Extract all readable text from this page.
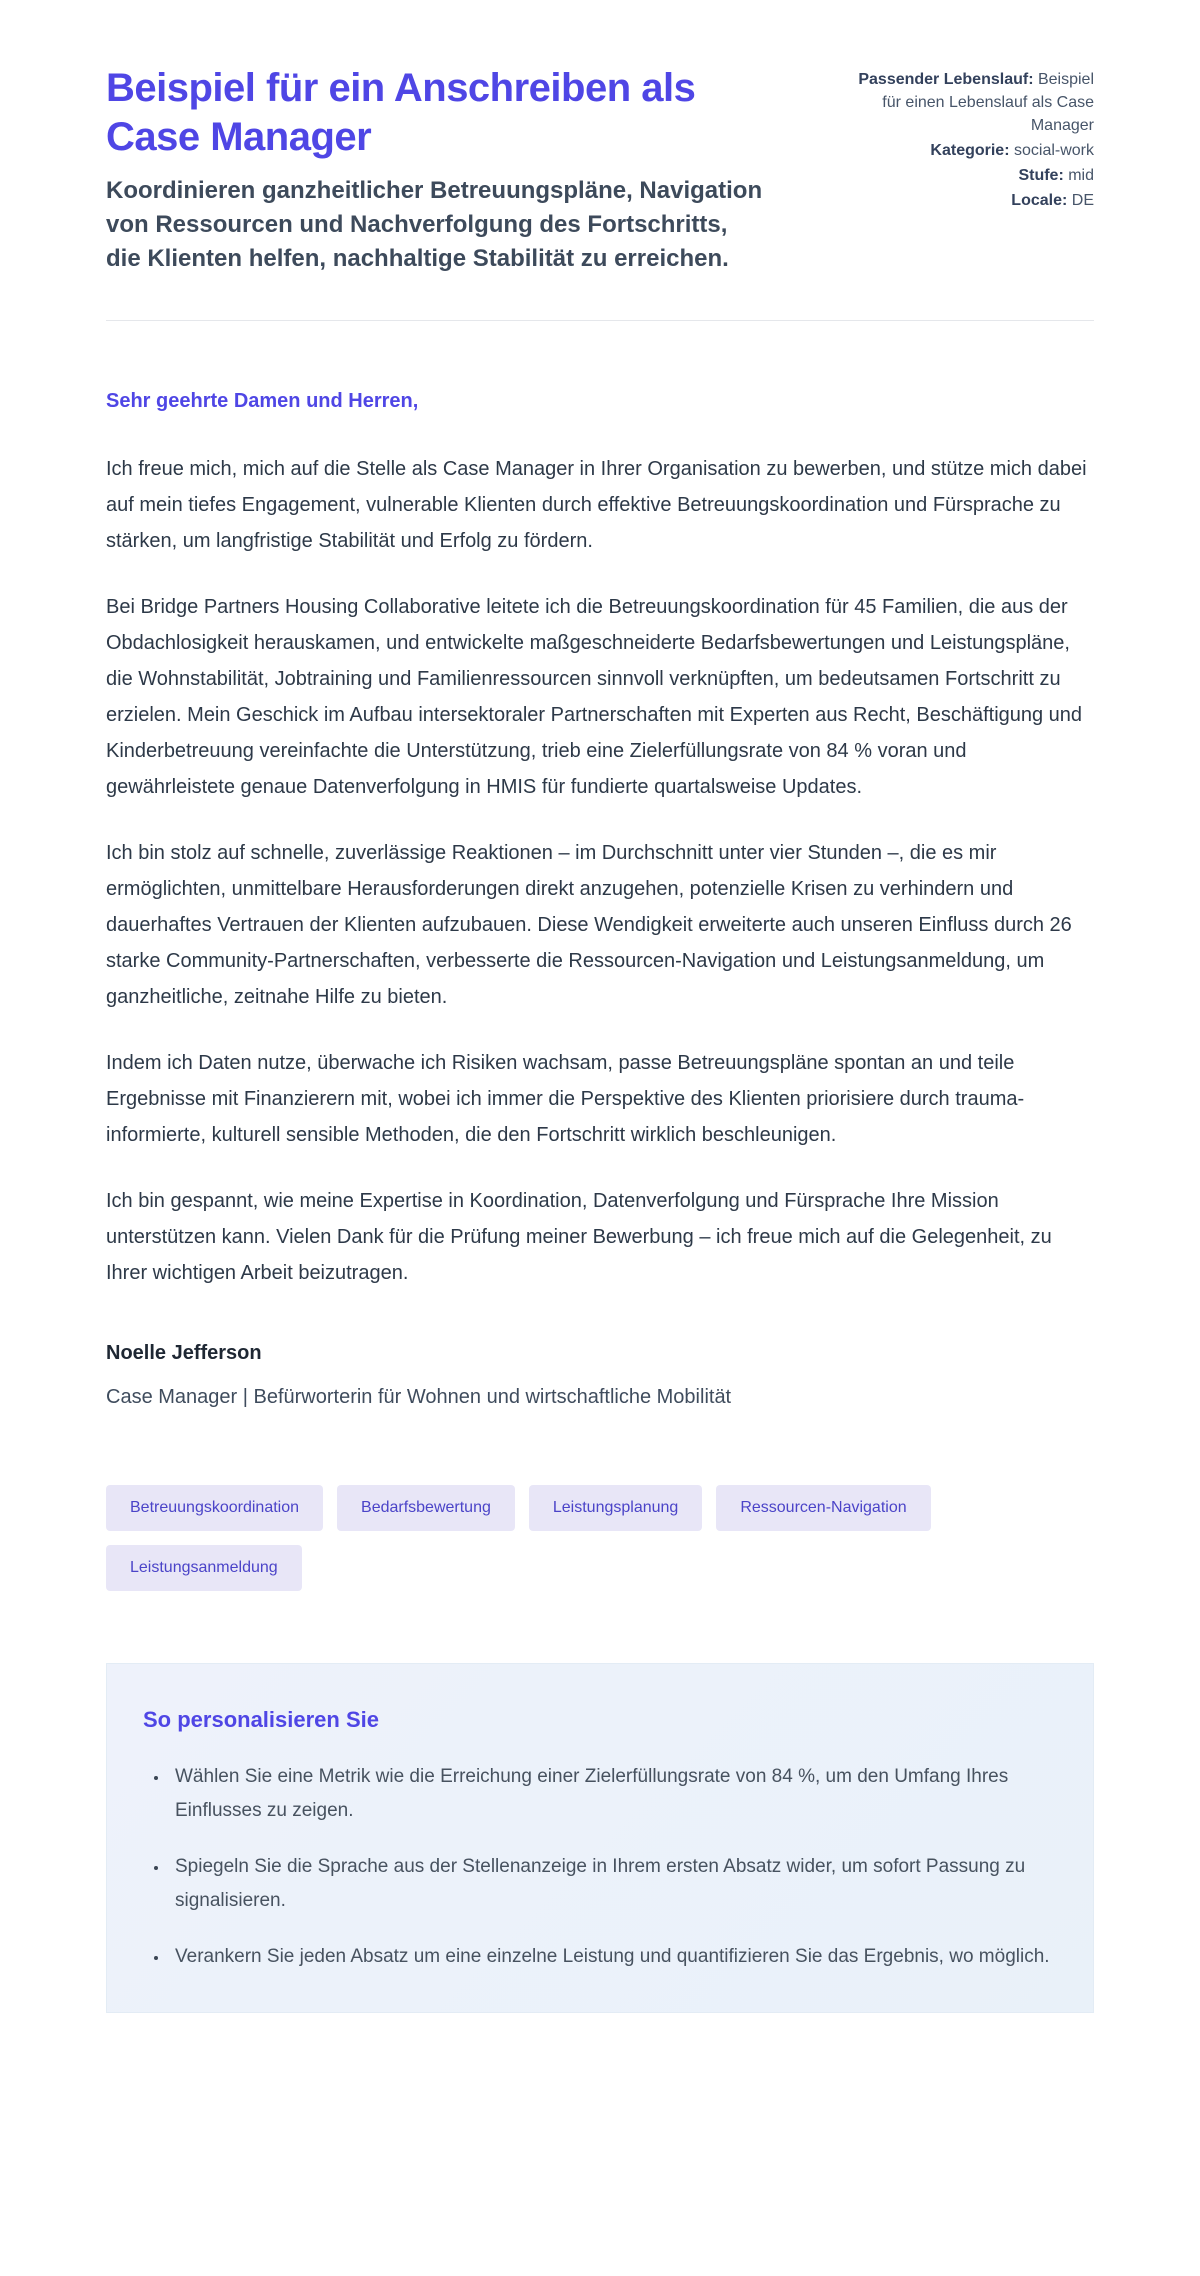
Beispiel für ein Anschreiben als Case Manager

Koordinieren ganzheitlicher Betreuungspläne, Navigation von Ressourcen und Nachverfolgung des Fortschritts, die Klienten helfen, nachhaltige Stabilität zu erreichen.

Passender Lebenslauf: Beispiel für einen Lebenslauf als Case Manager

Kategorie: social-work

Stufe: mid

Locale: DE

Sehr geehrte Damen und Herren,

Ich freue mich, mich auf die Stelle als Case Manager in Ihrer Organisation zu bewerben, und stütze mich dabei auf mein tiefes Engagement, vulnerable Klienten durch effektive Betreuungskoordination und Fürsprache zu stärken, um langfristige Stabilität und Erfolg zu fördern.

Bei Bridge Partners Housing Collaborative leitete ich die Betreuungskoordination für 45 Familien, die aus der Obdachlosigkeit herauskamen, und entwickelte maßgeschneiderte Bedarfsbewertungen und Leistungspläne, die Wohnstabilität, Jobtraining und Familienressourcen sinnvoll verknüpften, um bedeutsamen Fortschritt zu erzielen. Mein Geschick im Aufbau intersektoraler Partnerschaften mit Experten aus Recht, Beschäftigung und Kinderbetreuung vereinfachte die Unterstützung, trieb eine Zielerfüllungsrate von 84 % voran und gewährleistete genaue Datenverfolgung in HMIS für fundierte quartalsweise Updates.

Ich bin stolz auf schnelle, zuverlässige Reaktionen – im Durchschnitt unter vier Stunden –, die es mir ermöglichten, unmittelbare Herausforderungen direkt anzugehen, potenzielle Krisen zu verhindern und dauerhaftes Vertrauen der Klienten aufzubauen. Diese Wendigkeit erweiterte auch unseren Einfluss durch 26 starke Community-Partnerschaften, verbesserte die Ressourcen-Navigation und Leistungsanmeldung, um ganzheitliche, zeitnahe Hilfe zu bieten.

Indem ich Daten nutze, überwache ich Risiken wachsam, passe Betreuungspläne spontan an und teile Ergebnisse mit Finanzierern mit, wobei ich immer die Perspektive des Klienten priorisiere durch trauma-informierte, kulturell sensible Methoden, die den Fortschritt wirklich beschleunigen.

Ich bin gespannt, wie meine Expertise in Koordination, Datenverfolgung und Fürsprache Ihre Mission unterstützen kann. Vielen Dank für die Prüfung meiner Bewerbung – ich freue mich auf die Gelegenheit, zu Ihrer wichtigen Arbeit beizutragen.

Noelle Jefferson

Case Manager | Befürworterin für Wohnen und wirtschaftliche Mobilität

Betreuungskoordination	Bedarfsbewertung	Leistungsplanung	Ressourcen-Navigation
Leistungsanmeldung
So personalisieren Sie
• Wählen Sie eine Metrik wie die Erreichung einer Zielerfüllungsrate von 84 %, um den Umfang Ihres Einflusses zu zeigen.
• Spiegeln Sie die Sprache aus der Stellenanzeige in Ihrem ersten Absatz wider, um sofort Passung zu signalisieren.
• Verankern Sie jeden Absatz um eine einzelne Leistung und quantifizieren Sie das Ergebnis, wo möglich.
